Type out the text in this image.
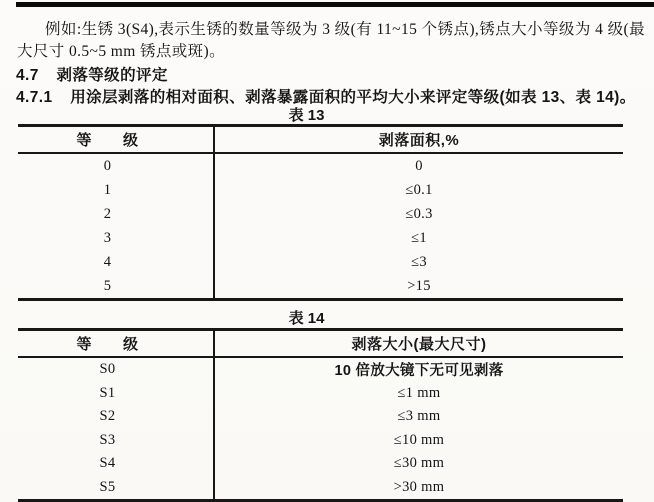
例如:生锈 3(S4),表示生锈的数量等级为 3 级(有 11~15 个锈点),锈点大小等级为 4 级(最大尺寸 0.5~5 mm 锈点或斑)。

4.7 剥落等级的评定

4.7.1 用涂层剥落的相对面积、剥落暴露面积的平均大小来评定等级(如表 13、表 14)。

表 13
等　　级	剥落面积,%
0	0
1	≤0.1
2	≤0.3
3	≤1
4	≤3
5	>15
表 14
等　　级	剥落大小(最大尺寸)
S0	10 倍放大镜下无可见剥落
S1	≤1 mm
S2	≤3 mm
S3	≤10 mm
S4	≤30 mm
S5	>30 mm
